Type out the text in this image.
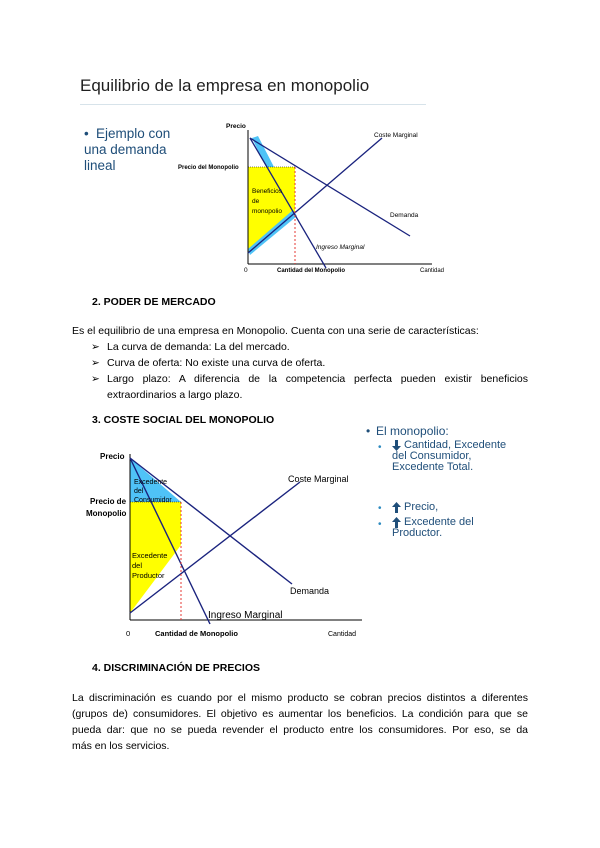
Equilibrio de la empresa en monopolio
• Ejemplo con
una demanda
lineal
Precio
Precio del Monopolio
Coste Marginal
Demanda
Ingreso Marginal
Beneficios
de
monopolio
0	Cantidad del Monopolio	Cantidad
2. PODER DE MERCADO
Es el equilibrio de una empresa en Monopolio. Cuenta con una serie de características:
➢ La curva de demanda: La del mercado.
➢ Curva de oferta: No existe una curva de oferta.
➢ Largo plazo: A diferencia de la competencia perfecta pueden existir beneficios
extraordinarios a largo plazo.
3. COSTE SOCIAL DEL MONOPOLIO
Precio
Precio de
Monopolio
Excedente
del
Consumidor
Excedente
del
Productor
Coste Marginal
Demanda
Ingreso Marginal
0	Cantidad de Monopolio	Cantidad
• El monopolio:
• Cantidad, Excedente
del Consumidor,
Excedente Total.
• Precio,
• Excedente del
Productor.
4. DISCRIMINACIÓN DE PRECIOS
La discriminación es cuando por el mismo producto se cobran precios distintos a diferentes
(grupos de) consumidores. El objetivo es aumentar los beneficios. La condición para que se
pueda dar: que no se pueda revender el producto entre los consumidores. Por eso, se da
más en los servicios.
